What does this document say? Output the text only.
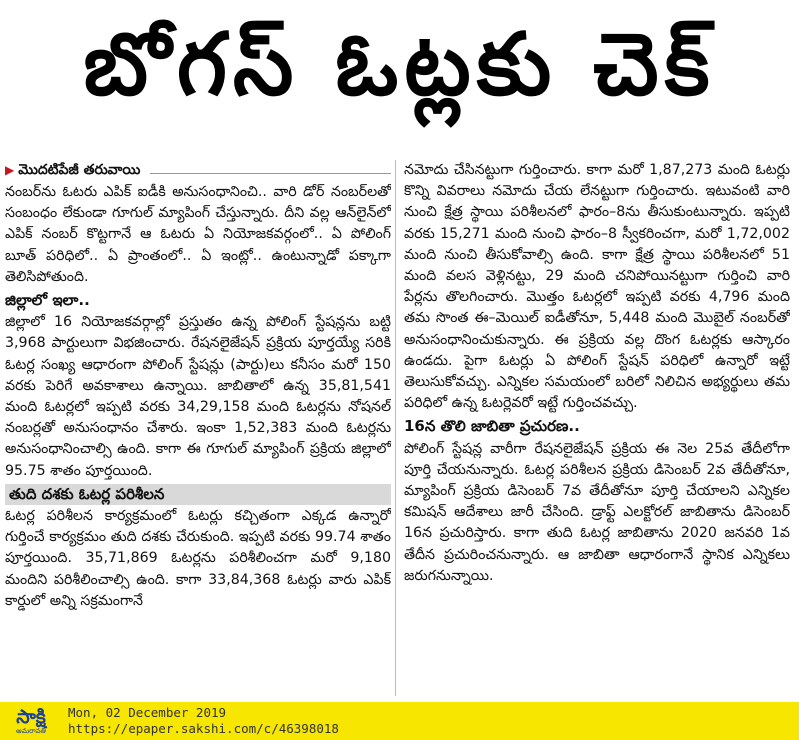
బోగస్ ఓట్లకు చెక్
▶ మొదటిపేజీ తరువాయి

నంబర్‌ను ఓటరు ఎపిక్ ఐడీకి అనుసంధానించి.. వారి డోర్ నంబర్‌లతో సంబంధం లేకుండా గూగుల్ మ్యాపింగ్ చేస్తున్నారు. దీని వల్ల ఆన్‌లైన్‌లో ఎపిక్ నంబర్ కొట్టగానే ఆ ఓటరు ఏ నియోజకవర్గంలో.. ఏ పోలింగ్ బూత్ పరిధిలో.. ఏ ప్రాంతంలో.. ఏ ఇంట్లో.. ఉంటున్నాడో పక్కాగా తెలిసిపోతుంది.

జిల్లాలో ఇలా..

జిల్లాలో 16 నియోజకవర్గాల్లో ప్రస్తుతం ఉన్న పోలింగ్ స్టేషన్లను బట్టి 3,968 పార్టులుగా విభజించారు. రేషనలైజేషన్ ప్రక్రియ పూర్తయ్యే సరికి ఓటర్ల సంఖ్య ఆధారంగా పోలింగ్ స్టేషన్లు (పార్టు)లు కనీసం మరో 150 వరకు పెరిగే అవకాశాలు ఉన్నాయి. జాబితాలో ఉన్న 35,81,541 మంది ఓటర్లలో ఇప్పటి వరకు 34,29,158 మంది ఓటర్లను నోషనల్ నంబర్లతో అనుసంధానం చేశారు. ఇంకా 1,52,383 మంది ఓటర్లను అనుసంధానించాల్సి ఉంది. కాగా ఈ గూగుల్ మ్యాపింగ్ ప్రక్రియ జిల్లాలో 95.75 శాతం పూర్తయింది.

తుది దశకు ఓటర్ల పరిశీలన

ఓటర్ల పరిశీలన కార్యక్రమంలో ఓటర్లు కచ్చితంగా ఎక్కడ ఉన్నారో గుర్తించే కార్యక్రమం తుది దశకు చేరుకుంది. ఇప్పటి వరకు 99.74 శాతం పూర్తయింది. 35,71,869 ఓటర్లను పరిశీలించగా మరో 9,180 మందిని పరిశీలించాల్సి ఉంది. కాగా 33,84,368 ఓటర్లు వారు ఎపిక్ కార్డులో అన్ని సక్రమంగానే

నమోదు చేసినట్టుగా గుర్తించారు. కాగా మరో 1,87,273 మంది ఓటర్లు కొన్ని వివరాలు నమోదు చేయ లేనట్టుగా గుర్తించారు. ఇటువంటి వారి నుంచి క్షేత్ర స్థాయి పరిశీలనలో ఫారం–8ను తీసుకుంటున్నారు. ఇప్పటి వరకు 15,271 మంది నుంచి ఫారం–8 స్వీకరించగా, మరో 1,72,002 మంది నుంచి తీసుకోవాల్సి ఉంది. కాగా క్షేత్ర స్థాయి పరిశీలనలో 51 మంది వలస వెళ్లినట్టు, 29 మంది చనిపోయినట్టుగా గుర్తించి వారి పేర్లను తొలగించారు. మొత్తం ఓటర్లలో ఇప్పటి వరకు 4,796 మంది తమ సొంత ఈ–మెయిల్ ఐడీతోనూ, 5,448 మంది మొబైల్ నంబర్‌తో అనుసంధానించుకున్నారు. ఈ ప్రక్రియ వల్ల దొంగ ఓటర్లకు ఆస్కారం ఉండదు. పైగా ఓటర్లు ఏ పోలింగ్ స్టేషన్ పరిధిలో ఉన్నారో ఇట్టే తెలుసుకోవచ్చు. ఎన్నికల సమయంలో బరిలో నిలిచిన అభ్యర్థులు తమ పరిధిలో ఉన్న ఓటర్లెవరో ఇట్టే గుర్తించవచ్చు.

16న తొలి జాబితా ప్రచురణ..

పోలింగ్ స్టేషన్ల వారీగా రేషనలైజేషన్ ప్రక్రియ ఈ నెల 25వ తేదీలోగా పూర్తి చేయనున్నారు. ఓటర్ల పరిశీలన ప్రక్రియ డిసెంబర్ 2వ తేదీతోనూ, మ్యాపింగ్ ప్రక్రియ డిసెంబర్ 7వ తేదీతోనూ పూర్తి చేయాలని ఎన్నికల కమిషన్ ఆదేశాలు జారీ చేసింది. డ్రాఫ్ట్ ఎలక్టోరల్ జాబితాను డిసెంబర్ 16న ప్రచురిస్తారు. కాగా తుది ఓటర్ల జాబితాను 2020 జనవరి 1వ తేదీన ప్రచురించనున్నారు. ఆ జాబితా ఆధారంగానే స్థానిక ఎన్నికలు జరుగనున్నాయి.

సాక్షి
అమరావతి
Mon, 02 December 2019
https://epaper.sakshi.com/c/46398018
